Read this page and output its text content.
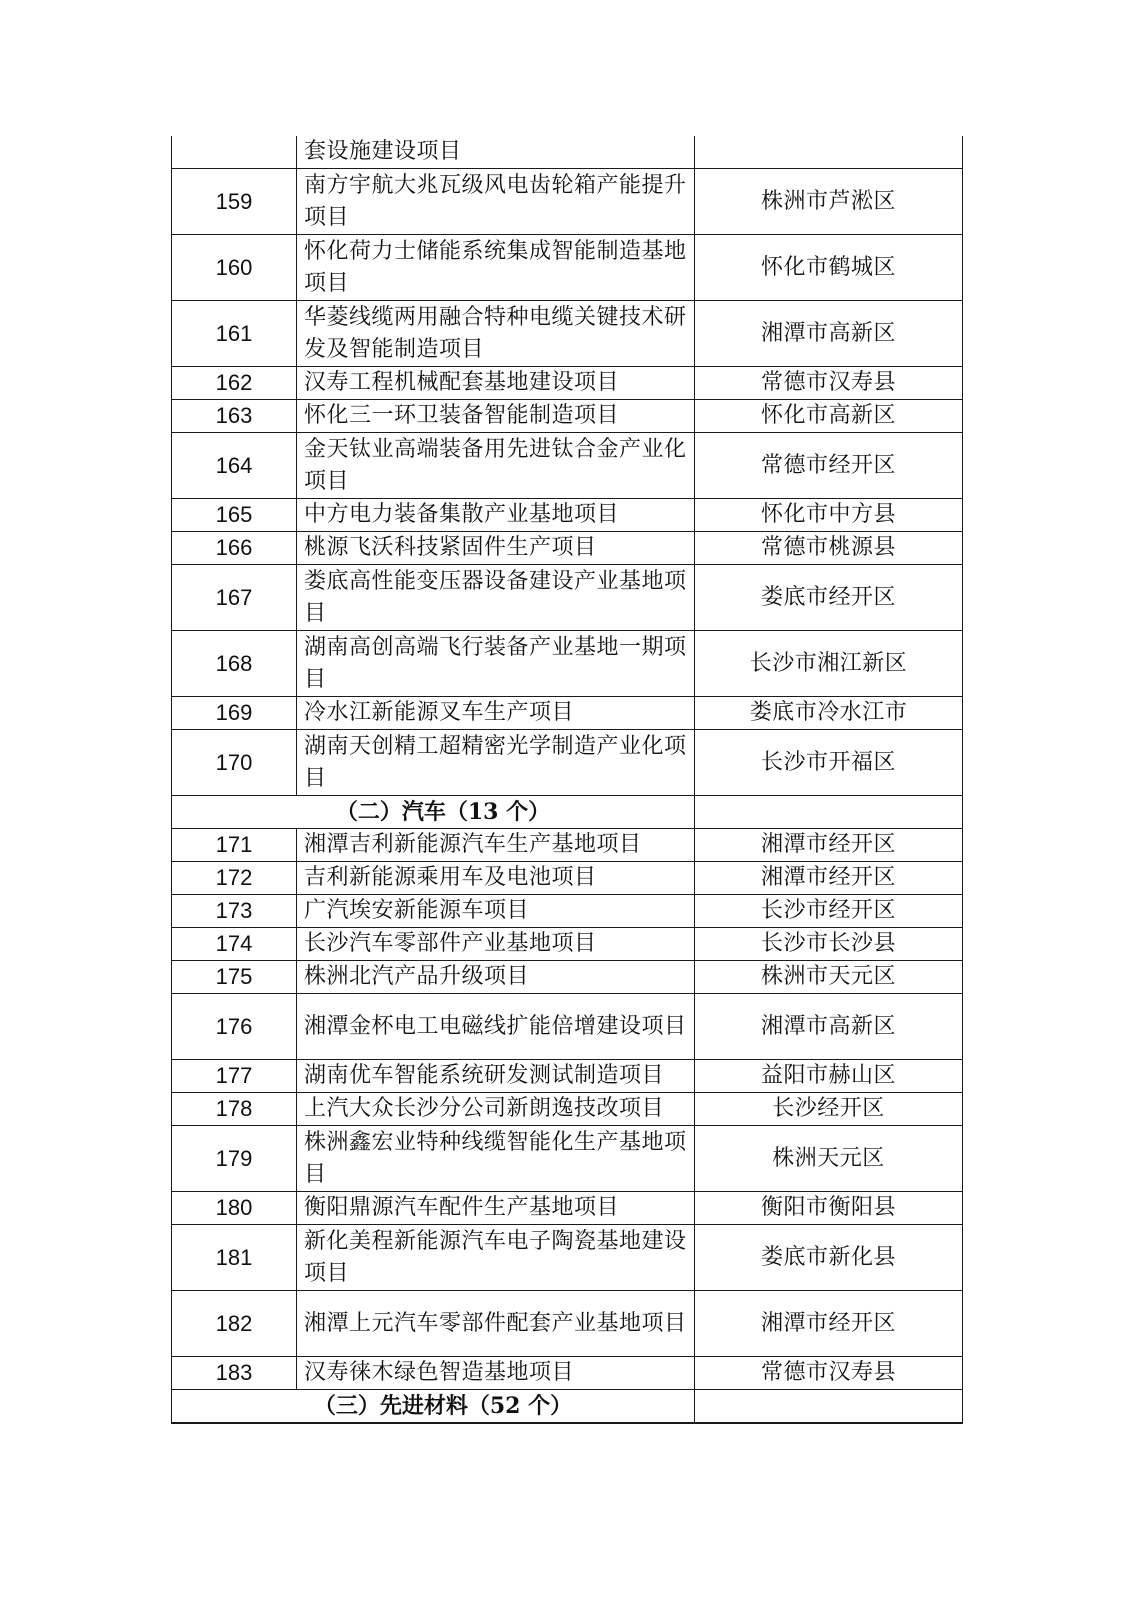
	套设施建设项目	
159	南方宇航大兆瓦级风电齿轮箱产能提升项目	株洲市芦淞区
160	怀化荷力士储能系统集成智能制造基地项目	怀化市鹤城区
161	华菱线缆两用融合特种电缆关键技术研发及智能制造项目	湘潭市高新区
162	汉寿工程机械配套基地建设项目	常德市汉寿县
163	怀化三一环卫装备智能制造项目	怀化市高新区
164	金天钛业高端装备用先进钛合金产业化项目	常德市经开区
165	中方电力装备集散产业基地项目	怀化市中方县
166	桃源飞沃科技紧固件生产项目	常德市桃源县
167	娄底高性能变压器设备建设产业基地项目	娄底市经开区
168	湖南高创高端飞行装备产业基地一期项目	长沙市湘江新区
169	冷水江新能源叉车生产项目	娄底市冷水江市
170	湖南天创精工超精密光学制造产业化项目	长沙市开福区
（二）汽车（13 个）		
171	湘潭吉利新能源汽车生产基地项目	湘潭市经开区
172	吉利新能源乘用车及电池项目	湘潭市经开区
173	广汽埃安新能源车项目	长沙市经开区
174	长沙汽车零部件产业基地项目	长沙市长沙县
175	株洲北汽产品升级项目	株洲市天元区
176	湘潭金杯电工电磁线扩能倍增建设项目	湘潭市高新区
177	湖南优车智能系统研发测试制造项目	益阳市赫山区
178	上汽大众长沙分公司新朗逸技改项目	长沙经开区
179	株洲鑫宏业特种线缆智能化生产基地项目	株洲天元区
180	衡阳鼎源汽车配件生产基地项目	衡阳市衡阳县
181	新化美程新能源汽车电子陶瓷基地建设项目	娄底市新化县
182	湘潭上元汽车零部件配套产业基地项目	湘潭市经开区
183	汉寿徕木绿色智造基地项目	常德市汉寿县
（三）先进材料（52 个）		
